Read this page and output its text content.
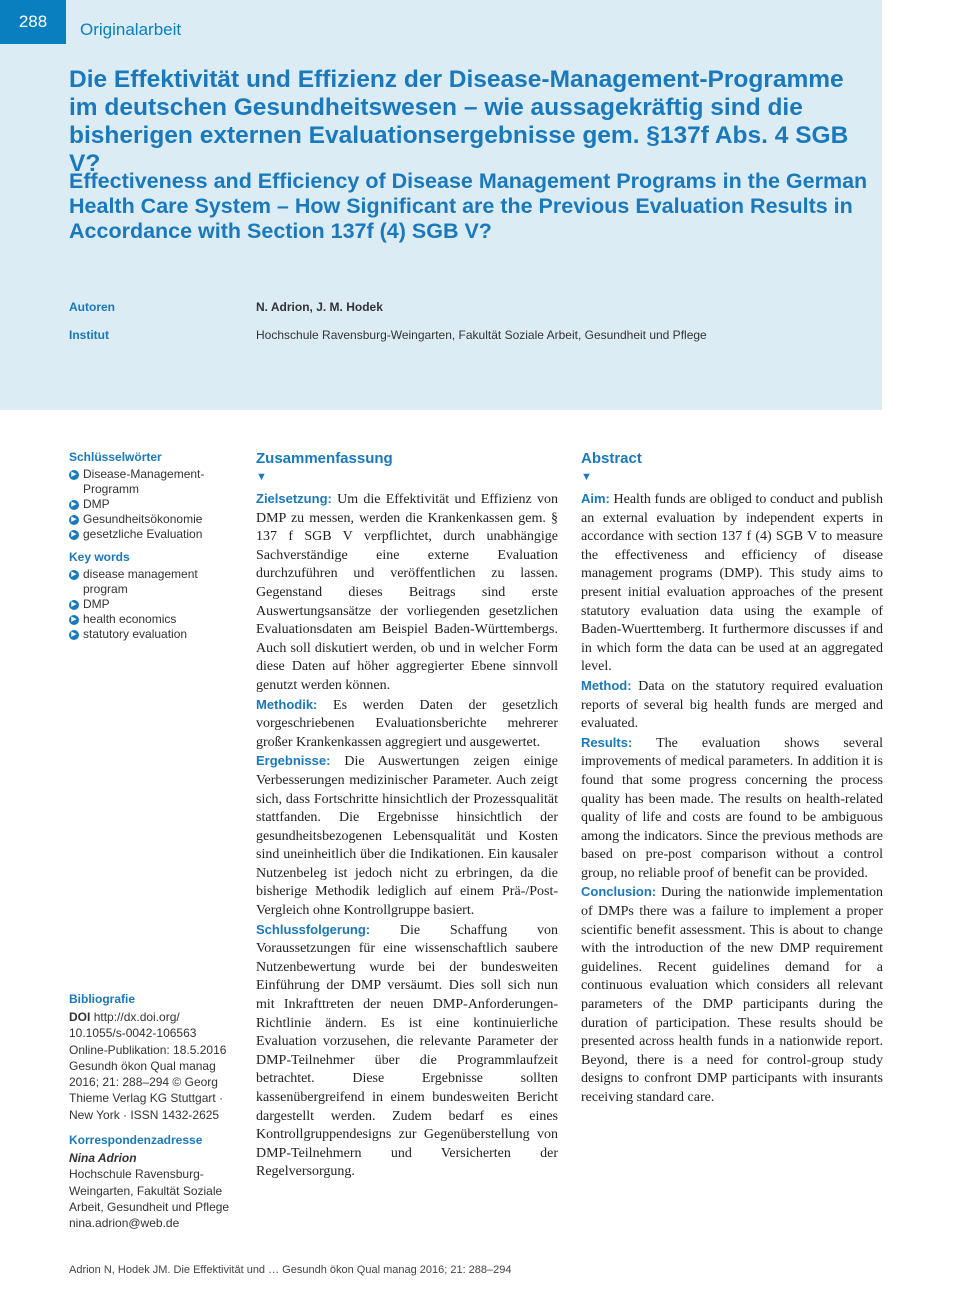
288	Originalarbeit
Die Effektivität und Effizienz der Disease-Management-Programme im deutschen Gesundheitswesen – wie aussagekräftig sind die bisherigen externen Evaluationsergebnisse gem. §137f Abs. 4 SGB V?
Effectiveness and Efficiency of Disease Management Programs in the German Health Care System – How Significant are the Previous Evaluation Results in Accordance with Section 137f (4) SGB V?
Autoren	N. Adrion, J. M. Hodek
Institut	Hochschule Ravensburg-Weingarten, Fakultät Soziale Arbeit, Gesundheit und Pflege
Schlüsselwörter
▶ Disease-Management-Programm
▶ DMP
▶ Gesundheitsökonomie
▶ gesetzliche Evaluation
Key words
▶ disease management program
▶ DMP
▶ health economics
▶ statutory evaluation
Bibliografie
DOI http://dx.doi.org/
10.1055/s-0042-106563
Online-Publikation: 18.5.2016
Gesundh ökon Qual manag
2016; 21: 288–294 © Georg
Thieme Verlag KG Stuttgart ·
New York · ISSN 1432-2625
Korrespondenzadresse
Nina Adrion
Hochschule Ravensburg-
Weingarten, Fakultät Soziale
Arbeit, Gesundheit und Pflege
nina.adrion@web.de
Zusammenfassung
▼

Zielsetzung: Um die Effektivität und Effizienz von DMP zu messen, werden die Krankenkassen gem. § 137 f SGB V verpflichtet, durch unabhängige Sachverständige eine externe Evaluation durchzuführen und veröffentlichen zu lassen. Gegenstand dieses Beitrags sind erste Auswertungsansätze der vorliegenden gesetzlichen Evaluationsdaten am Beispiel Baden-Württembergs. Auch soll diskutiert werden, ob und in welcher Form diese Daten auf höher aggregierter Ebene sinnvoll genutzt werden können.

Methodik: Es werden Daten der gesetzlich vorgeschriebenen Evaluationsberichte mehrerer großer Krankenkassen aggregiert und ausgewertet.

Ergebnisse: Die Auswertungen zeigen einige Verbesserungen medizinischer Parameter. Auch zeigt sich, dass Fortschritte hinsichtlich der Prozessqualität stattfanden. Die Ergebnisse hinsichtlich der gesundheitsbezogenen Lebensqualität und Kosten sind uneinheitlich über die Indikationen. Ein kausaler Nutzenbeleg ist jedoch nicht zu erbringen, da die bisherige Methodik lediglich auf einem Prä-/Post-Vergleich ohne Kontrollgruppe basiert.

Schlussfolgerung: Die Schaffung von Voraussetzungen für eine wissenschaftlich saubere Nutzenbewertung wurde bei der bundesweiten Einführung der DMP versäumt. Dies soll sich nun mit Inkrafttreten der neuen DMP-Anforderungen-Richtlinie ändern. Es ist eine kontinuierliche Evaluation vorzusehen, die relevante Parameter der DMP-Teilnehmer über die Programmlaufzeit betrachtet. Diese Ergebnisse sollten kassenübergreifend in einem bundesweiten Bericht dargestellt werden. Zudem bedarf es eines Kontrollgruppendesigns zur Gegenüberstellung von DMP-Teilnehmern und Versicherten der Regelversorgung.

Abstract
▼

Aim: Health funds are obliged to conduct and publish an external evaluation by independent experts in accordance with section 137 f (4) SGB V to measure the effectiveness and efficiency of disease management programs (DMP). This study aims to present initial evaluation approaches of the present statutory evaluation data using the example of Baden-Wuerttemberg. It furthermore discusses if and in which form the data can be used at an aggregated level.

Method: Data on the statutory required evaluation reports of several big health funds are merged and evaluated.

Results: The evaluation shows several improvements of medical parameters. In addition it is found that some progress concerning the process quality has been made. The results on health-related quality of life and costs are found to be ambiguous among the indicators. Since the previous methods are based on pre-post comparison without a control group, no reliable proof of benefit can be provided.

Conclusion: During the nationwide implementation of DMPs there was a failure to implement a proper scientific benefit assessment. This is about to change with the introduction of the new DMP requirement guidelines. Recent guidelines demand for a continuous evaluation which considers all relevant parameters of the DMP participants during the duration of participation. These results should be presented across health funds in a nationwide report. Beyond, there is a need for control-group study designs to confront DMP participants with insurants receiving standard care.

Adrion N, Hodek JM. Die Effektivität und … Gesundh ökon Qual manag 2016; 21: 288–294
